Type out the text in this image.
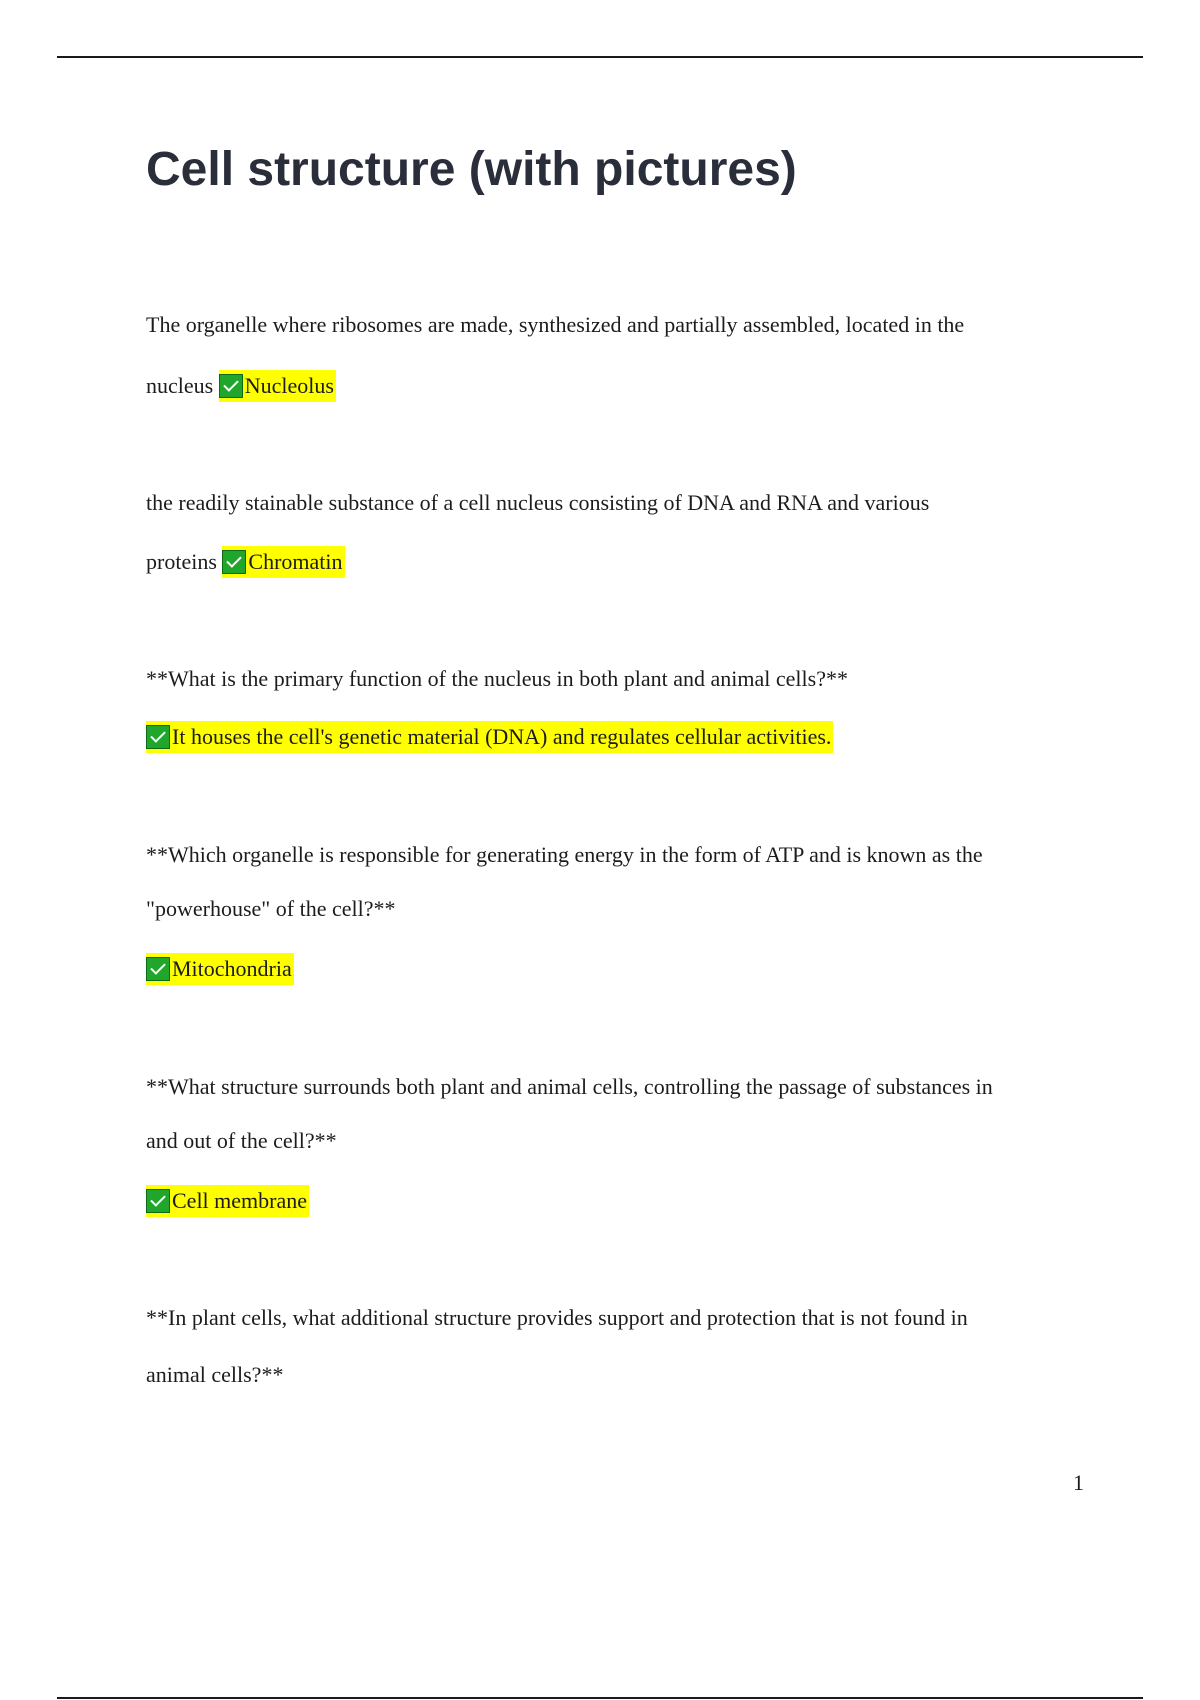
Cell structure (with pictures)
The organelle where ribosomes are made, synthesized and partially assembled, located in the
nucleus Nucleolus
the readily stainable substance of a cell nucleus consisting of DNA and RNA and various
proteins Chromatin
**What is the primary function of the nucleus in both plant and animal cells?**
It houses the cell's genetic material (DNA) and regulates cellular activities.
**Which organelle is responsible for generating energy in the form of ATP and is known as the
"powerhouse" of the cell?**
Mitochondria
**What structure surrounds both plant and animal cells, controlling the passage of substances in
and out of the cell?**
Cell membrane
**In plant cells, what additional structure provides support and protection that is not found in
animal cells?**
1
